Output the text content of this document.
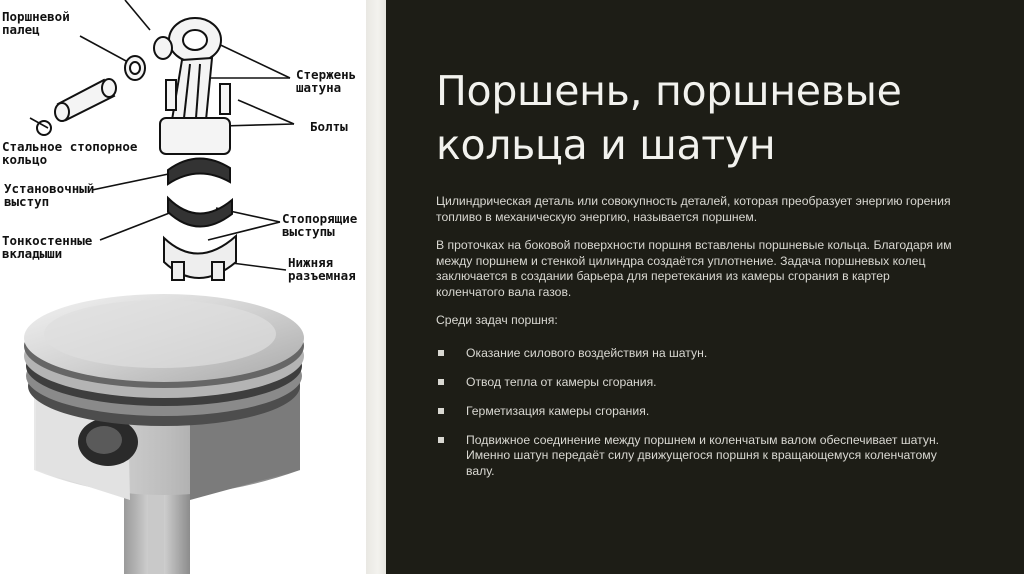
Поршневой
палец
Стальное стопорное
кольцо
Установочный
выступ
Тонкостенные
вкладыши
Стержень
шатуна
Болты
Стопорящие
выступы
Нижняя
разъемная

Поршень, поршневые кольца и шатун

Цилиндрическая деталь или совокупность деталей, которая преобразует энергию горения топливо в механическую энергию, называется поршнем.

В проточках на боковой поверхности поршня вставлены поршневые кольца. Благодаря им между поршнем и стенкой цилиндра создаётся уплотнение. Задача поршневых колец заключается в создании барьера для перетекания из камеры сгорания в картер коленчатого вала газов.

Среди задач поршня:

Оказание силового воздействия на шатун.
Отвод тепла от камеры сгорания.
Герметизация камеры сгорания.
Подвижное соединение между поршнем и коленчатым валом обеспечивает шатун. Именно шатун передаёт силу движущегося поршня к вращающемуся коленчатому валу.
